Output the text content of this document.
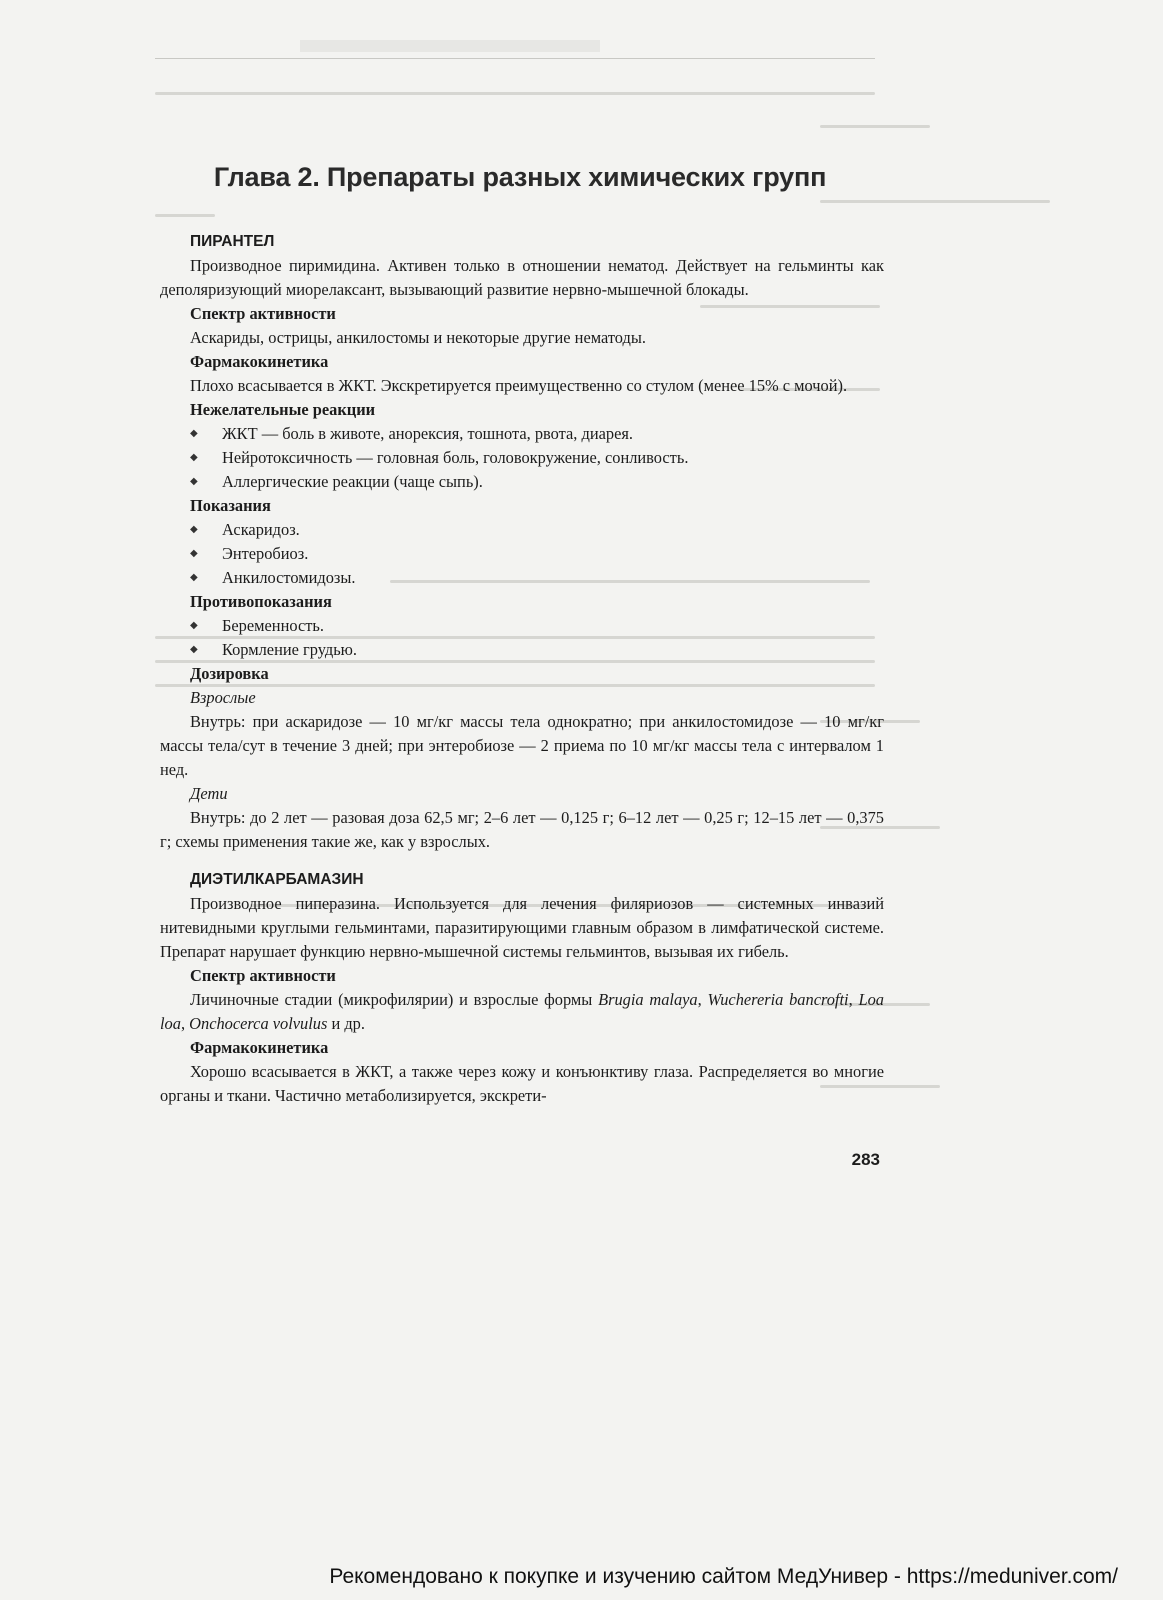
Глава 2. Препараты разных химических групп
ПИРАНТЕЛ

Производное пиримидина. Активен только в отношении нематод. Действует на гельминты как деполяризующий миорелаксант, вызывающий развитие нервно-мышечной блокады.

Спектр активности

Аскариды, острицы, анкилостомы и некоторые другие нематоды.

Фармакокинетика

Плохо всасывается в ЖКТ. Экскретируется преимущественно со стулом (менее 15% с мочой).

Нежелательные реакции
◆ ЖКТ — боль в животе, анорексия, тошнота, рвота, диарея.
◆ Нейротоксичность — головная боль, головокружение, сонливость.
◆ Аллергические реакции (чаще сыпь).
Показания
◆ Аскаридоз.
◆ Энтеробиоз.
◆ Анкилостомидозы.
Противопоказания
◆ Беременность.
◆ Кормление грудью.
Дозировка
Взрослые

Внутрь: при аскаридозе — 10 мг/кг массы тела однократно; при анкилостомидозе — 10 мг/кг массы тела/сут в течение 3 дней; при энтеробиозе — 2 приема по 10 мг/кг массы тела с интервалом 1 нед.

Дети

Внутрь: до 2 лет — разовая доза 62,5 мг; 2–6 лет — 0,125 г; 6–12 лет — 0,25 г; 12–15 лет — 0,375 г; схемы применения такие же, как у взрослых.

ДИЭТИЛКАРБАМАЗИН

Производное пиперазина. Используется для лечения филяриозов — системных инвазий нитевидными круглыми гельминтами, паразитирующими главным образом в лимфатической системе. Препарат нарушает функцию нервно-мышечной системы гельминтов, вызывая их гибель.

Спектр активности

Личиночные стадии (микрофилярии) и взрослые формы Brugia malaya, Wuchereria bancrofti, Loa loa, Onchocerca volvulus и др.

Фармакокинетика

Хорошо всасывается в ЖКТ, а также через кожу и конъюнктиву глаза. Распределяется во многие органы и ткани. Частично метаболизируется, экскрети-

283
Рекомендовано к покупке и изучению сайтом МедУнивер - https://meduniver.com/
